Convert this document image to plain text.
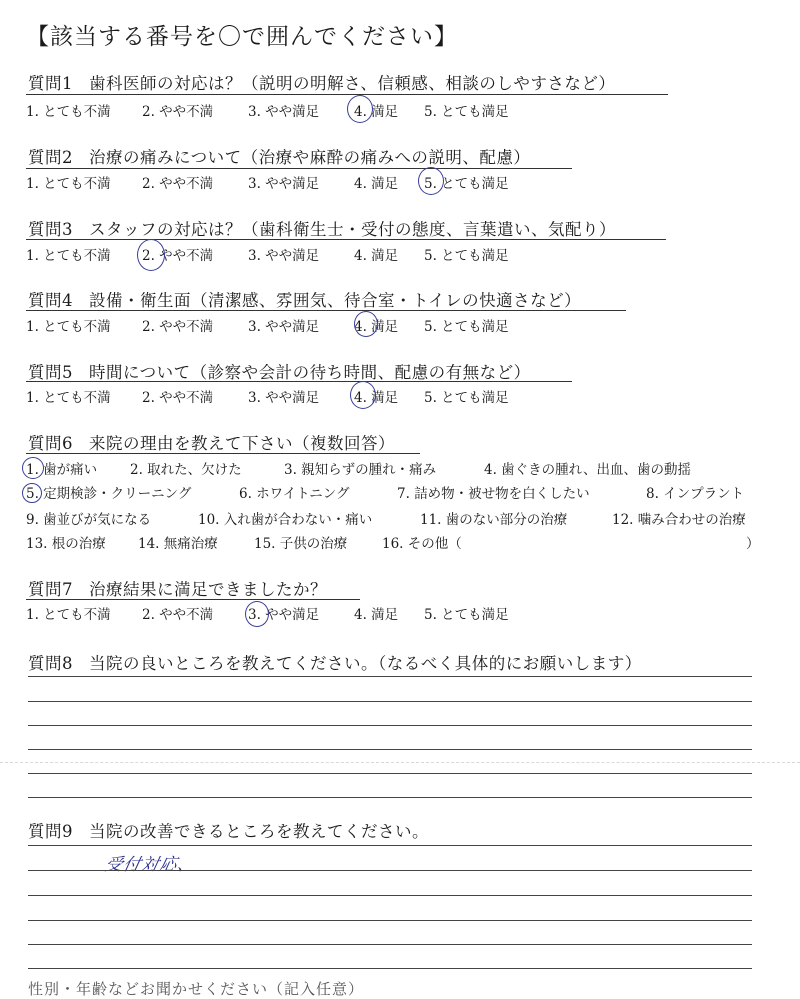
【該当する番号を〇で囲んでください】
質問1 歯科医師の対応は？（説明の明解さ、信頼感、相談のしやすさなど）
1. とても不満 2. やや不満	3. やや満足	4. 満足 5. とても満足
質問2 治療の痛みについて（治療や麻酔の痛みへの説明、配慮）
1. とても不満 2. やや不満	3. やや満足	4. 満足 5. とても満足
質問3 スタッフの対応は？（歯科衛生士・受付の態度、言葉遣い、気配り）
1. とても不満 2. やや不満	3. やや満足	4. 満足 5. とても満足
質問4 設備・衛生面（清潔感、雰囲気、待合室・トイレの快適さなど）
1. とても不満 2. やや不満	3. やや満足	4. 満足 5. とても満足
質問5 時間について（診察や会計の待ち時間、配慮の有無など）
1. とても不満 2. やや不満	3. やや満足	4. 満足 5. とても満足
質問6 来院の理由を教えて下さい（複数回答）
1. 歯が痛い 2. 取れた、欠けた	3. 親知らずの腫れ・痛み	4. 歯ぐきの腫れ、出血、歯の動揺
5. 定期検診・クリーニング	6. ホワイトニング	7. 詰め物・被せ物を白くしたい	8. インプラント
9. 歯並びが気になる	10. 入れ歯が合わない・痛い	11. 歯のない部分の治療	12. 噛み合わせの治療
13. 根の治療 14. 無痛治療	15. 子供の治療	16. その他（	）
質問7 治療結果に満足できましたか？
1. とても不満 2. やや不満	3. やや満足	4. 満足 5. とても満足
質問8 当院の良いところを教えてください。（なるべく具体的にお願いします）
質問9 当院の改善できるところを教えてください。
受付対応、
性別・年齢などお聞かせください（記入任意）
